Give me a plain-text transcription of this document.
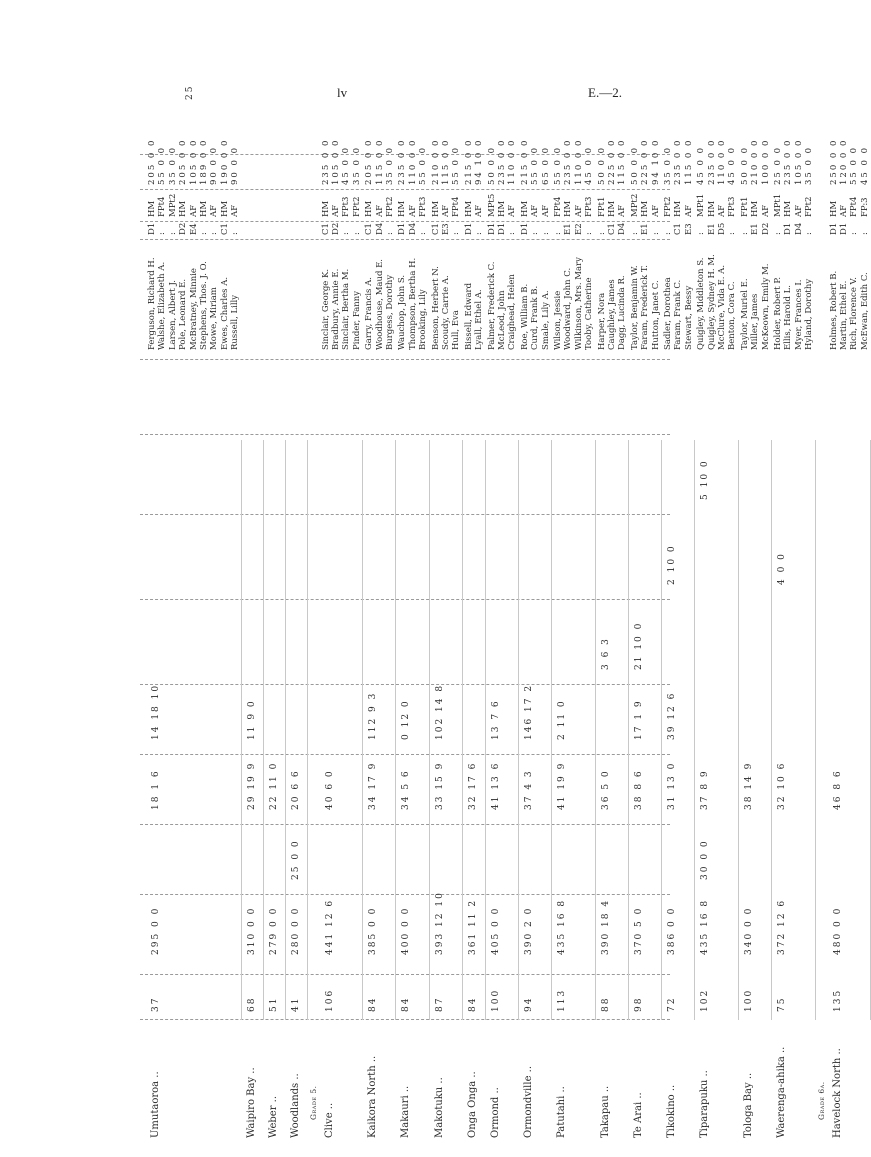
lv	E.—2.
Umutaoroa ..
37
295 0 0
18 1 6
14 18 10
Ferguson, Richard H.
D1
HM
205 0 0
Walshe, Elizabeth A.
:
FPt4
55 0 0
Larsen, Albert J.
:
MPt2
35 0 0
Pole, Leonard E.
D2
HM
205 0 0
McBratney, Minnie
E4
AF
105 0 0
Stephens, Thos. J. O.
:
HM
189 0 0
Mowe, Miriam
:
AF
90 0 0
Ewes, Charles A.
C1
HM
190 0 0
Russell, Lilly
:
AF
90 0 0
Waipiro Bay ..
68
310 0 0
29 19 9
11 9 0
Weber ..
51
279 0 0
22 11 0
Woodlands ..
41
280 0 0
25 0 0
20 6 6
Grade 5.
Clive ..
106
441 12 6
40 6 0
Sinclair, George K.
C1
HM
235 0 0
Bradbury, Annie E.
D2
AF
105 0 0
Sinclair, Bertha M.
:
FPt3
45 0 0
Pinder, Fanny
:
FPt2
35 0 0
Kaikora North ..
84
385 0 0
34 17 9
112 9 3
Garry, Francis A.
C1
HM
205 0 0
Woodhouse, Maud E.
D4
AF
115 0 0
Burgess, Dorothy
:
FPt2
35 0 0
Makauri ..
84
400 0 0
34 5 6
0 12 0
Wauchop, John S.
D1
HM
235 0 0
Thompson, Bertha H.
D4
AF
110 0 0
Brooking, Lily
:
FPt3
55 0 0
Makotuku ..
87
393 12 10
33 15 9
102 14 8
Benson, Herbert N.
C1
HM
210 0 0
Scoudy, Carrie A.
E3
AF
115 0 0
Hull, Eva
:
FPt4
55 0 0
Onga Onga ..
84
361 11 2
32 17 6
Bissell, Edward
D1
HM
215 0 0
Lyall, Ethel A.
:
AF
94 10 0
Ormond ..
100
405 0 0
41 13 6
13 7 6
Palmer, Frederick C.
D1
MPt5
50 0 0
McLeod, John
D1
HM
235 0 0
Craighead, Helen
:
AF
110 0 0
Ormondville ..
94
390 2 0
37 4 3
146 17 2
Roe, William B.
D1
HM
215 0 0
Curd, Frank B.
:
AF
55 0 0
Smale, Lily A.
:
AF
65 0 0
Patutahi ..
113
435 16 8
41 19 9
2 11 0
Wilson, Jessie
:
FPt4
55 0 0
Woodward, John C.
E1
HM
235 0 0
Wilkinson, Mrs. Mary
E2
AF
110 0 0
Tooby, Catherine
:
FPt3
45 0 0
Takapau ..
88
390 18 4
36 5 0
3 6 3
Harper, Nora
:
FPt1
50 0 0
Caughley, James
C1
HM
225 0 0
Dagg, Lucinda R.
D4
AF
115 0 0
Te Arai ..
98
370 5 0
38 8 6
17 1 9
21 10 0
Taylor, Benjamin W.
:
MPt2
50 0 0
Faram, Frederick T.
E1
HM
225 0 0
Hutton, Janet C.
:
AF
94 10 0
Tikokino ..
72
386 0 0
31 13 0
39 12 6
2 10 0
Sadler, Dorothea
:
FPt2
35 0 0
Faram, Frank C.
C1
HM
235 0 0
Stewart, Bessy
E3
AF
115 0 0
Tiparapuku ..
102
435 16 8
30 0 0
37 8 9
5 10 0
Quigley, Middleton S.
:
MPt1
45 0 0
Quigley, Sydney H. M.
E1
HM
235 0 0
McClure, Vida E. A.
D5
AF
110 0 0
Benton, Cora C.
:
FPt3
45 0 0
Tologa Bay ..
100
340 0 0
38 14 9
Taylor, Muriel E.
:
FPt1
50 0 0
Miller, James
E1
HM
210 0 0
McKeown, Emily M.
D2
AF
100 0 0
Waerenga-ahika ..
75
372 12 6
32 10 6
4 0 0
Holder, Robert P.
:
MPt1
25 0 0
Ellis, Harold L.
D1
HM
235 0 0
Myer, Frances I.
D4
AF
105 0 0
Hyland, Dorothy
:
FPt2
35 0 0
Grade 6a. Havelock North ..
135
480 0 0
46 8 6
Holmes, Robert B.
D1
HM
250 0 0
Martin, Ethel E.
D1
AF
120 0 0
Rich, Florence V.
:
FPt4
55 0 0
McEwan, Edith C.
:
FP:3
45 0 0
25
